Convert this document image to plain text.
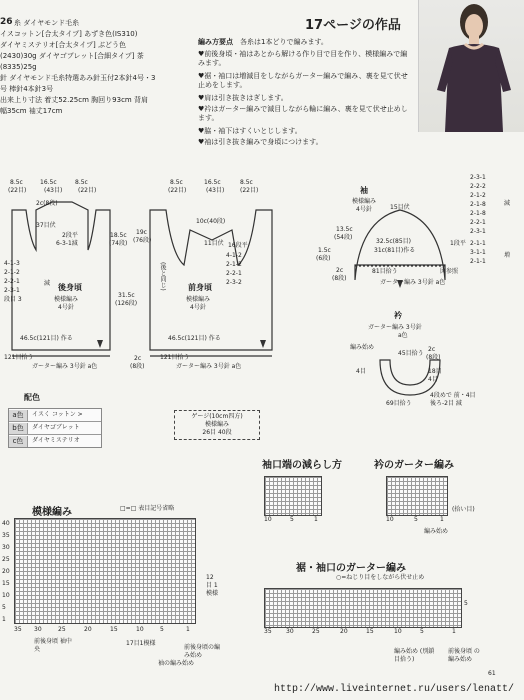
26 糸 ダイヤモンド毛糸
イスコットン[合太タイプ] あずき色(IS310)
ダイヤミステリオ[合太タイプ] ぶどう色
(2430)30g ダイヤゴブレット[合細タイプ] 茶
(8335)25g
針 ダイヤモンド毛糸特選あみ針玉付2本針4号・3
号 棒針4本針3号
出来上り寸法 着丈52.25cm 胸回り93cm 背肩
幅35cm 袖丈17cm
17ページの作品
編み方要点　 各糸は1本どりで編みます。
♥前後身頃・袖はあとから解ける作り目で目を作り、模様編みで編みます。
♥裾・袖口は増減目をしながらガーター編みで編み、裏を見て伏せ止めをします。
♥肩は引き抜きはぎします。
♥衿はガーター編みで減目しながら輪に編み、裏を見て伏せ止めします。
♥脇・袖下はすくいとじします。
♥袖は引き抜き編みで身頃につけます。
8.5c	16.5c	8.5c
(22目)	(43目)	(22目)
2c(8段)
37目伏
2段平
6-3-1減
4-1-3
2-1-2
2-2-1
2-3-1
段目 3
減 後身頃
模様編み
4号針
46.5c(121目) 作る
121目拾う
ガーター編み 3号針 a色
18.5c
(74段)
19c
(76段)
31.5c
(126段)
8.5c	16.5c	8.5c
(22目)	(43目)	(22目)
10c(40段)
11目伏 16段平
4-1-2
2-1-2
2-2-1
2-3-2
(後と同じ)	前身頃
模様編み
4号針
46.5c(121目) 作る
121目拾う
ガーター編み 3号針 a色
2c
(8段)
袖
模様編み
4号針	15目伏
13.5c
(54段)
32.5c(85目)
31c(81目)作る
1.5c
(6段)
2c
(8段)
81目拾う
ガーター編み 3号針 a色
図参照
1段平
2-3-1
2-2-2
2-1-2
2-1-8
2-1-8
2-2-1
2-3-1
減
2-1-1
3-1-1
2-1-1
増
衿
ガーター編み 3号針
a色
編み始め
45目拾う
2c
(8段)
4目	18目
4目
4段めで 前・4目 後ろ-2目 減
69目拾う
配色
a色	イスく コットン >
b色	ダイヤゴブレット
c色	ダイヤミステリオ
ゲージ(10cm四方)
模様編み
26目 40段
袖口端の減らし方
10	5	1
衿のガーター編み
10	5	1
(拾い目)
編み始め
模様編み	□=□ 表目記号省略
40
35
30
25
20
15
10
5
1
35 30	25	20	15	10	5	1
12目 1模様
前後身頃 袖中央
17目1模様
前後身頃の編み始め
袖の編み始め
裾・袖口のガーター編み
○=ねじり目をしながら伏せ止め
35 30	25	20	15	10	5	1
5
編み始め (別鎖目拾う)
前後身頃 の編み始め
61
http://www.liveinternet.ru/users/lenatt/
